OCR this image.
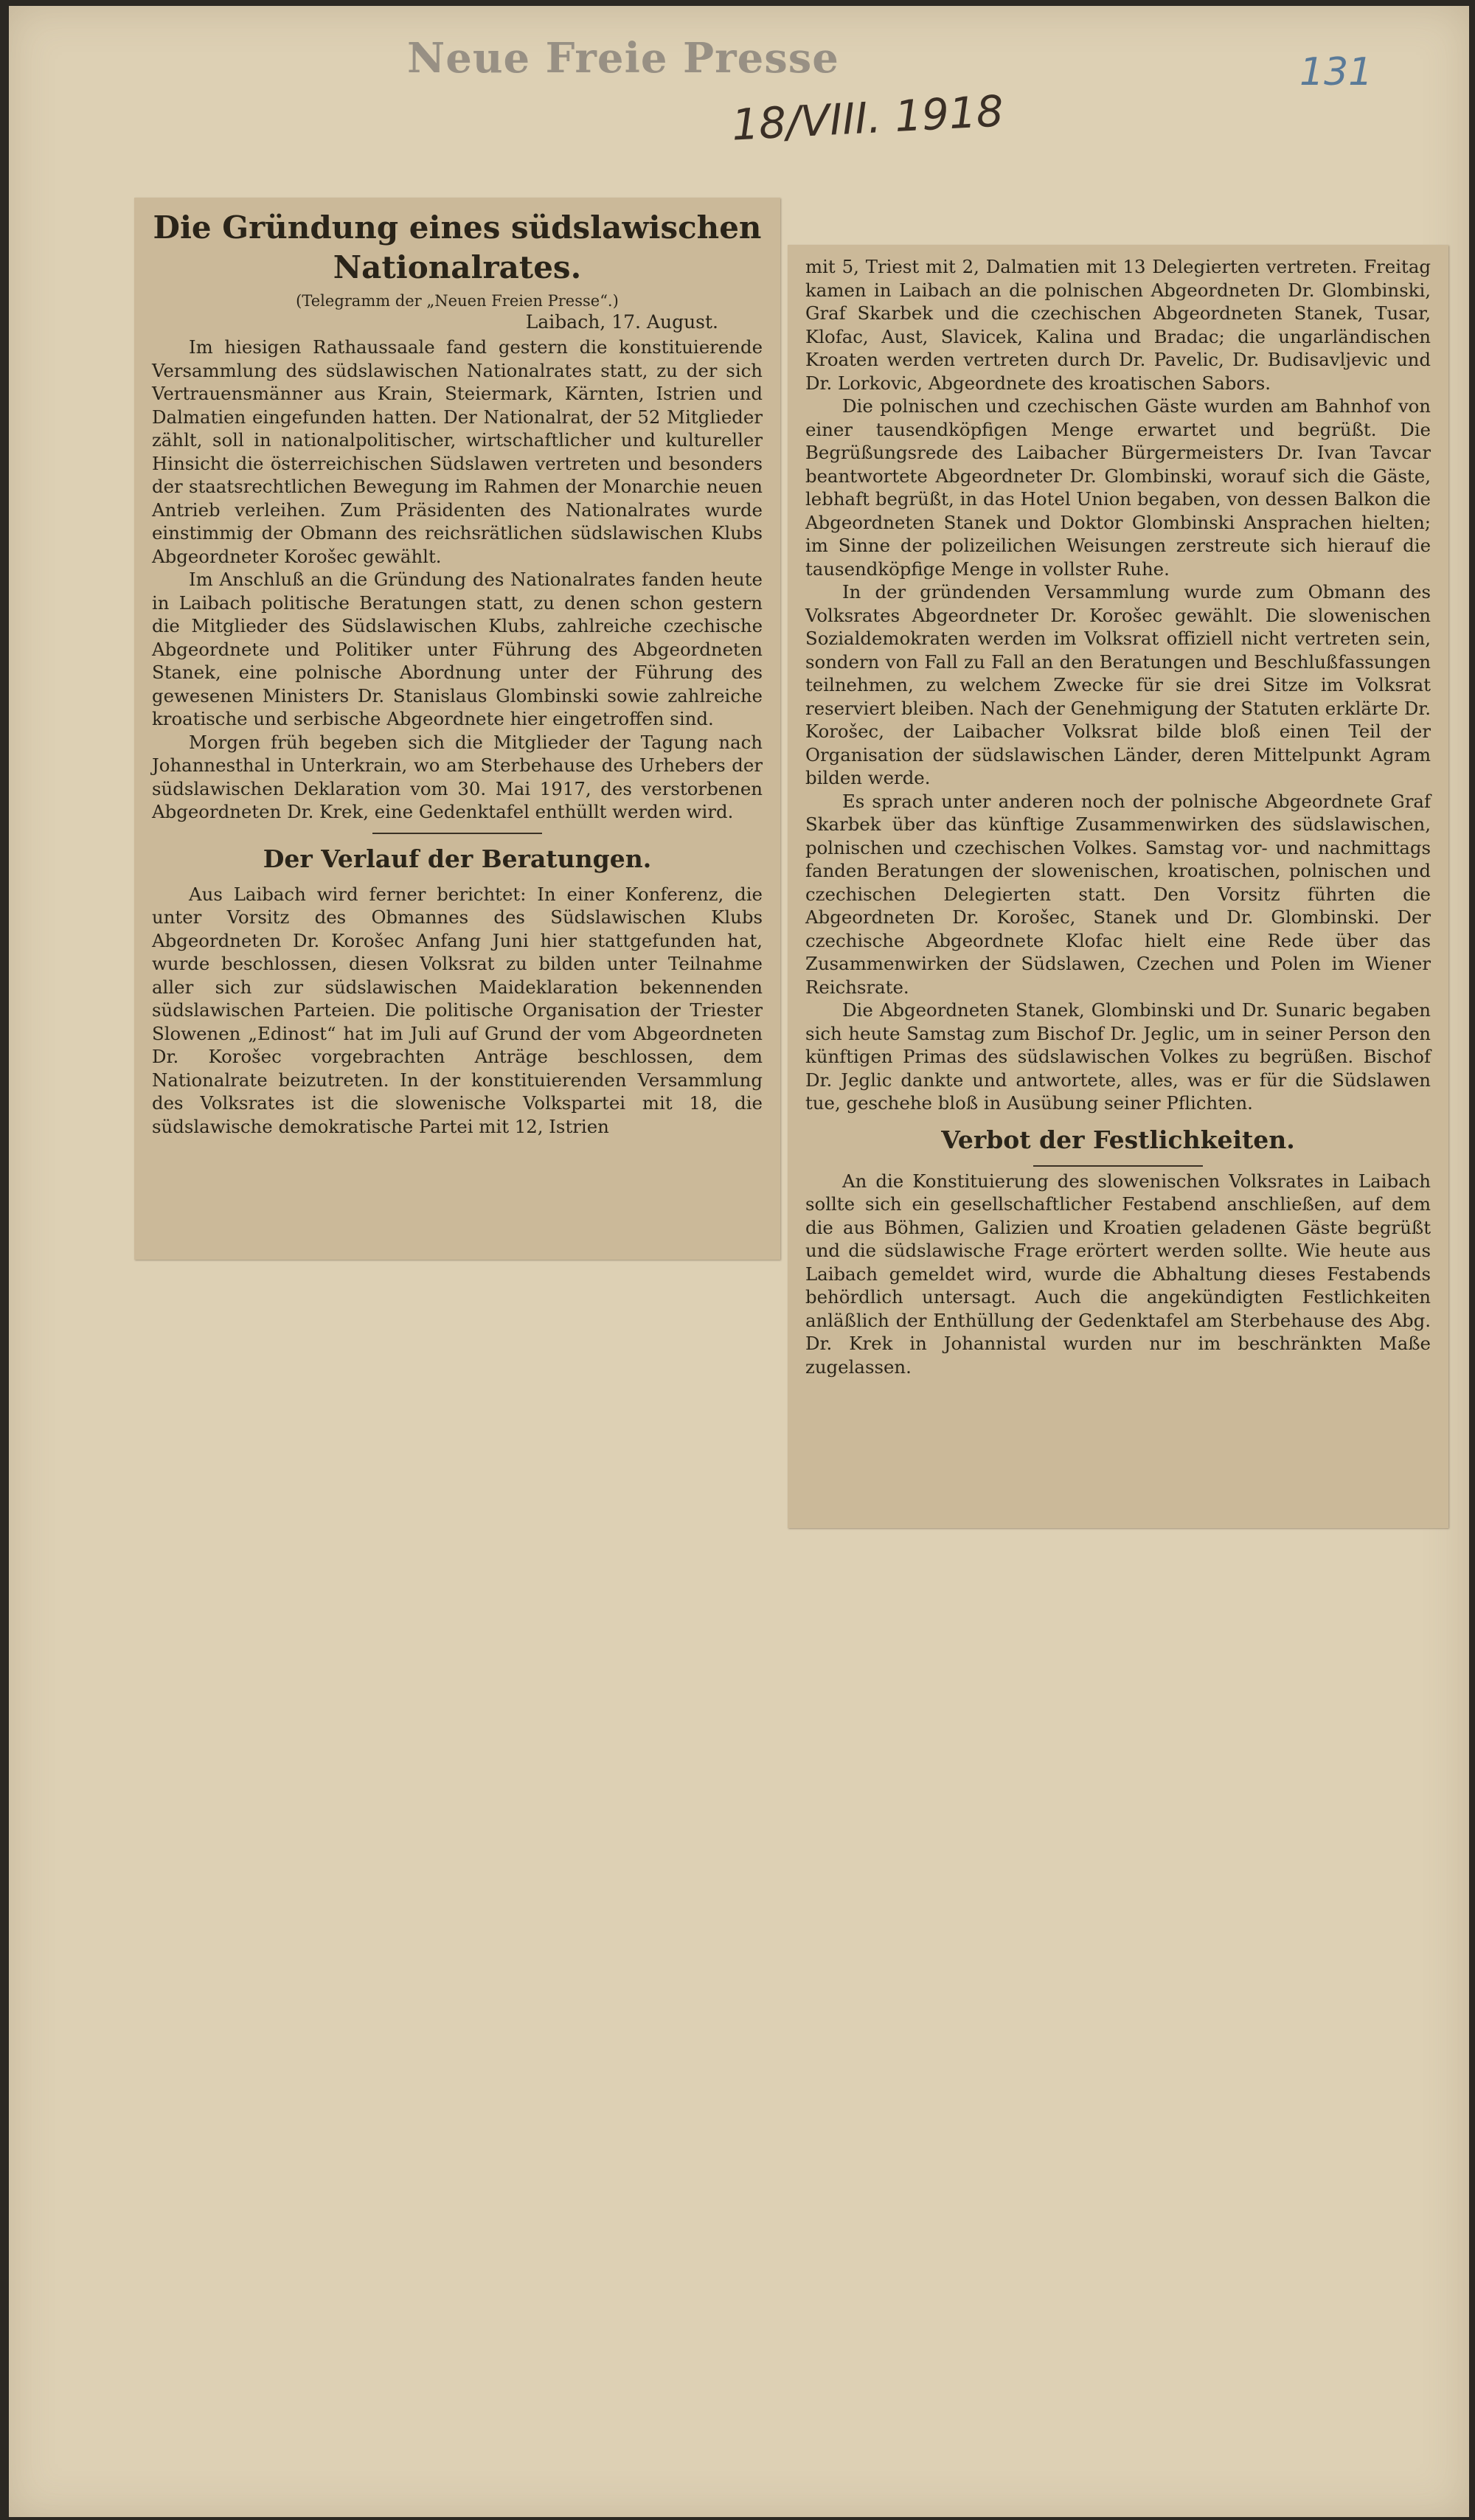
Neue Freie Presse
18/VIII. 1918
131
Die Gründung eines südslawischen Nationalrates.
(Telegramm der „Neuen Freien Presse“.)
Laibach, 17. August.

Im hiesigen Rathaussaale fand gestern die konstituierende Versammlung des südslawischen Nationalrates statt, zu der sich Vertrauensmänner aus Krain, Steiermark, Kärnten, Istrien und Dalmatien eingefunden hatten. Der Nationalrat, der 52 Mitglieder zählt, soll in nationalpolitischer, wirtschaftlicher und kultureller Hinsicht die österreichischen Südslawen vertreten und besonders der staatsrechtlichen Bewegung im Rahmen der Monarchie neuen Antrieb verleihen. Zum Präsidenten des Nationalrates wurde einstimmig der Obmann des reichsrätlichen südslawischen Klubs Abgeordneter Korošec gewählt.

Im Anschluß an die Gründung des Nationalrates fanden heute in Laibach politische Beratungen statt, zu denen schon gestern die Mitglieder des Südslawischen Klubs, zahlreiche czechische Abgeordnete und Politiker unter Führung des Abgeordneten Stanek, eine polnische Abordnung unter der Führung des gewesenen Ministers Dr. Stanislaus Glombinski sowie zahlreiche kroatische und serbische Abgeordnete hier eingetroffen sind.

Morgen früh begeben sich die Mitglieder der Tagung nach Johannesthal in Unterkrain, wo am Sterbehause des Urhebers der südslawischen Deklaration vom 30. Mai 1917, des verstorbenen Abgeordneten Dr. Krek, eine Gedenktafel enthüllt werden wird.

Der Verlauf der Beratungen.

Aus Laibach wird ferner berichtet: In einer Konferenz, die unter Vorsitz des Obmannes des Südslawischen Klubs Abgeordneten Dr. Korošec Anfang Juni hier stattgefunden hat, wurde beschlossen, diesen Volksrat zu bilden unter Teilnahme aller sich zur südslawischen Maideklaration bekennenden südslawischen Parteien. Die politische Organisation der Triester Slowenen „Edinost“ hat im Juli auf Grund der vom Abgeordneten Dr. Korošec vorgebrachten Anträge beschlossen, dem Nationalrate beizutreten. In der konstituierenden Versammlung des Volksrates ist die slowenische Volkspartei mit 18, die südslawische demokratische Partei mit 12, Istrien

mit 5, Triest mit 2, Dalmatien mit 13 Delegierten vertreten. Freitag kamen in Laibach an die polnischen Abgeordneten Dr. Glombinski, Graf Skarbek und die czechischen Abgeordneten Stanek, Tusar, Klofac, Aust, Slavicek, Kalina und Bradac; die ungarländischen Kroaten werden vertreten durch Dr. Pavelic, Dr. Budisavljevic und Dr. Lorkovic, Abgeordnete des kroatischen Sabors.

Die polnischen und czechischen Gäste wurden am Bahnhof von einer tausendköpfigen Menge erwartet und begrüßt. Die Begrüßungsrede des Laibacher Bürgermeisters Dr. Ivan Tavcar beantwortete Abgeordneter Dr. Glombinski, worauf sich die Gäste, lebhaft begrüßt, in das Hotel Union begaben, von dessen Balkon die Abgeordneten Stanek und Doktor Glombinski Ansprachen hielten; im Sinne der polizeilichen Weisungen zerstreute sich hierauf die tausendköpfige Menge in vollster Ruhe.

In der gründenden Versammlung wurde zum Obmann des Volksrates Abgeordneter Dr. Korošec gewählt. Die slowenischen Sozialdemokraten werden im Volksrat offiziell nicht vertreten sein, sondern von Fall zu Fall an den Beratungen und Beschlußfassungen teilnehmen, zu welchem Zwecke für sie drei Sitze im Volksrat reserviert bleiben. Nach der Genehmigung der Statuten erklärte Dr. Korošec, der Laibacher Volksrat bilde bloß einen Teil der Organisation der südslawischen Länder, deren Mittelpunkt Agram bilden werde.

Es sprach unter anderen noch der polnische Abgeordnete Graf Skarbek über das künftige Zusammenwirken des südslawischen, polnischen und czechischen Volkes. Samstag vor- und nachmittags fanden Beratungen der slowenischen, kroatischen, polnischen und czechischen Delegierten statt. Den Vorsitz führten die Abgeordneten Dr. Korošec, Stanek und Dr. Glombinski. Der czechische Abgeordnete Klofac hielt eine Rede über das Zusammenwirken der Südslawen, Czechen und Polen im Wiener Reichsrate.

Die Abgeordneten Stanek, Glombinski und Dr. Sunaric begaben sich heute Samstag zum Bischof Dr. Jeglic, um in seiner Person den künftigen Primas des südslawischen Volkes zu begrüßen. Bischof Dr. Jeglic dankte und antwortete, alles, was er für die Südslawen tue, geschehe bloß in Ausübung seiner Pflichten.

Verbot der Festlichkeiten.

An die Konstituierung des slowenischen Volksrates in Laibach sollte sich ein gesellschaftlicher Festabend anschließen, auf dem die aus Böhmen, Galizien und Kroatien geladenen Gäste begrüßt und die südslawische Frage erörtert werden sollte. Wie heute aus Laibach gemeldet wird, wurde die Abhaltung dieses Festabends behördlich untersagt. Auch die angekündigten Festlichkeiten anläßlich der Enthüllung der Gedenktafel am Sterbehause des Abg. Dr. Krek in Johannistal wurden nur im beschränkten Maße zugelassen.
